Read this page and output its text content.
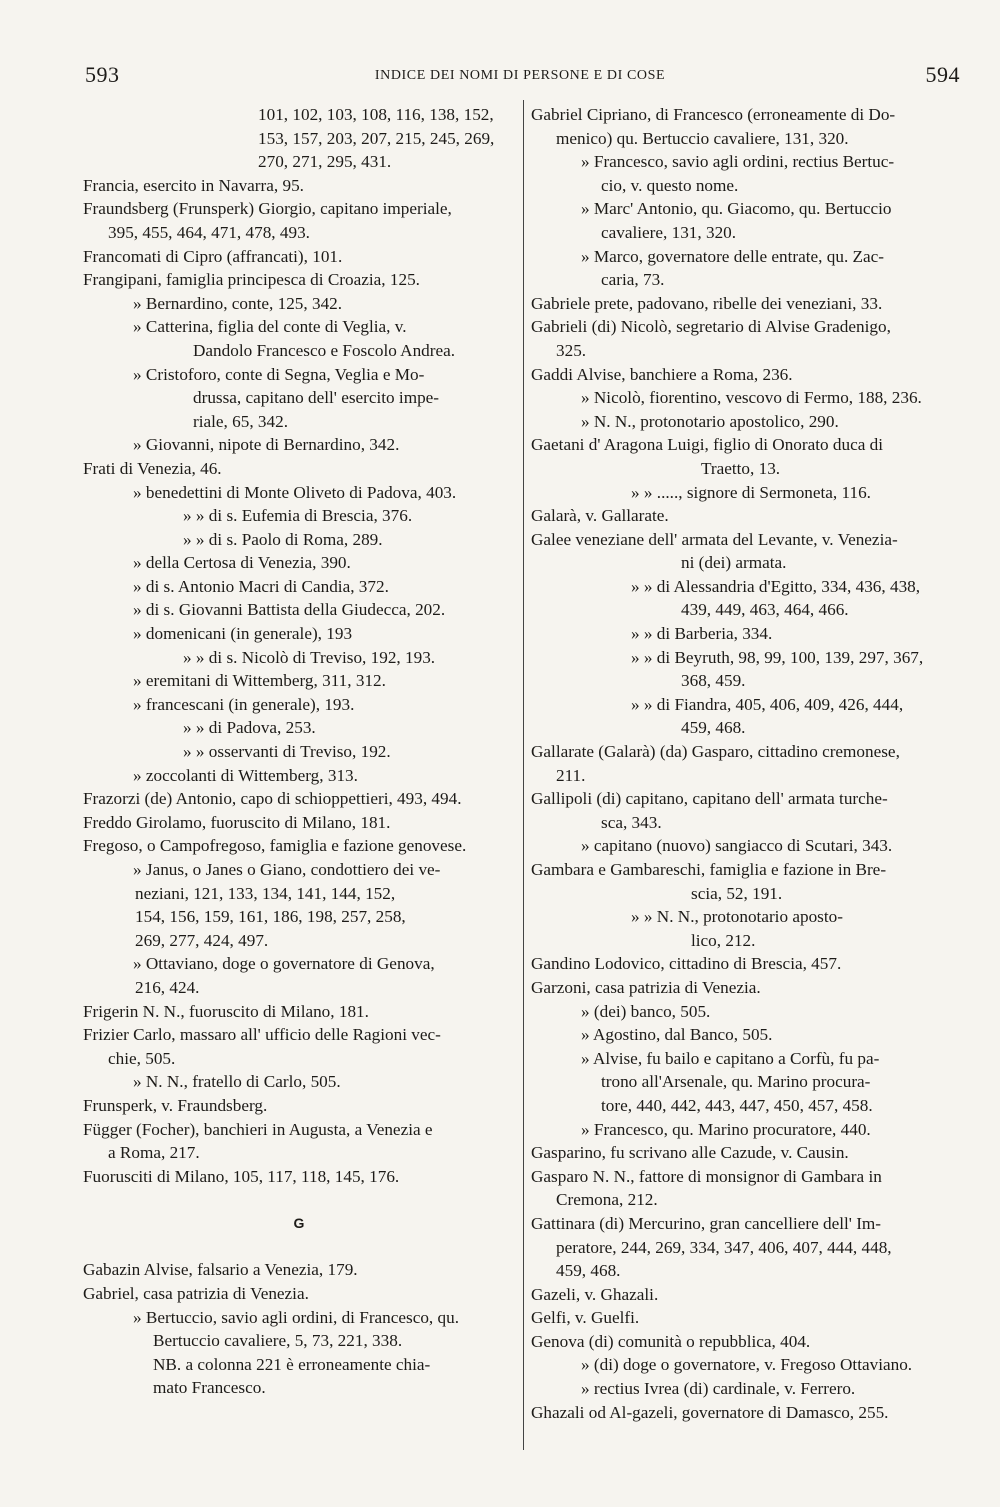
593	INDICE DEI NOMI DI PERSONE E DI COSE	594

101, 102, 103, 108, 116, 138, 152,

153, 157, 203, 207, 215, 245, 269,

270, 271, 295, 431.

Francia, esercito in Navarra, 95.

Fraundsberg (Frunsperk) Giorgio, capitano imperiale,

395, 455, 464, 471, 478, 493.

Francomati di Cipro (affrancati), 101.

Frangipani, famiglia principesca di Croazia, 125.

» Bernardino, conte, 125, 342.

» Catterina, figlia del conte di Veglia, v.

Dandolo Francesco e Foscolo Andrea.

» Cristoforo, conte di Segna, Veglia e Mo-

drussa, capitano dell' esercito impe-

riale, 65, 342.

» Giovanni, nipote di Bernardino, 342.

Frati di Venezia, 46.

» benedettini di Monte Oliveto di Padova, 403.

» » di s. Eufemia di Brescia, 376.

» » di s. Paolo di Roma, 289.

» della Certosa di Venezia, 390.

» di s. Antonio Macri di Candia, 372.

» di s. Giovanni Battista della Giudecca, 202.

» domenicani (in generale), 193

» » di s. Nicolò di Treviso, 192, 193.

» eremitani di Wittemberg, 311, 312.

» francescani (in generale), 193.

» » di Padova, 253.

» » osservanti di Treviso, 192.

» zoccolanti di Wittemberg, 313.

Frazorzi (de) Antonio, capo di schioppettieri, 493, 494.

Freddo Girolamo, fuoruscito di Milano, 181.

Fregoso, o Campofregoso, famiglia e fazione genovese.

» Janus, o Janes o Giano, condottiero dei ve-

neziani, 121, 133, 134, 141, 144, 152,

154, 156, 159, 161, 186, 198, 257, 258,

269, 277, 424, 497.

» Ottaviano, doge o governatore di Genova,

216, 424.

Frigerin N. N., fuoruscito di Milano, 181.

Frizier Carlo, massaro all' ufficio delle Ragioni vec-

chie, 505.

» N. N., fratello di Carlo, 505.

Frunsperk, v. Fraundsberg.

Függer (Focher), banchieri in Augusta, a Venezia e

a Roma, 217.

Fuorusciti di Milano, 105, 117, 118, 145, 176.

G

Gabazin Alvise, falsario a Venezia, 179.

Gabriel, casa patrizia di Venezia.

» Bertuccio, savio agli ordini, di Francesco, qu.

Bertuccio cavaliere, 5, 73, 221, 338.

NB. a colonna 221 è erroneamente chia-

mato Francesco.

Gabriel Cipriano, di Francesco (erroneamente di Do-

menico) qu. Bertuccio cavaliere, 131, 320.

» Francesco, savio agli ordini, rectius Bertuc-

cio, v. questo nome.

» Marc' Antonio, qu. Giacomo, qu. Bertuccio

cavaliere, 131, 320.

» Marco, governatore delle entrate, qu. Zac-

caria, 73.

Gabriele prete, padovano, ribelle dei veneziani, 33.

Gabrieli (di) Nicolò, segretario di Alvise Gradenigo,

325.

Gaddi Alvise, banchiere a Roma, 236.

» Nicolò, fiorentino, vescovo di Fermo, 188, 236.

» N. N., protonotario apostolico, 290.

Gaetani d' Aragona Luigi, figlio di Onorato duca di

Traetto, 13.

» » ....., signore di Sermoneta, 116.

Galarà, v. Gallarate.

Galee veneziane dell' armata del Levante, v. Venezia-

ni (dei) armata.

» » di Alessandria d'Egitto, 334, 436, 438,

439, 449, 463, 464, 466.

» » di Barberia, 334.

» » di Beyruth, 98, 99, 100, 139, 297, 367,

368, 459.

» » di Fiandra, 405, 406, 409, 426, 444,

459, 468.

Gallarate (Galarà) (da) Gasparo, cittadino cremonese,

211.

Gallipoli (di) capitano, capitano dell' armata turche-

sca, 343.

» capitano (nuovo) sangiacco di Scutari, 343.

Gambara e Gambareschi, famiglia e fazione in Bre-

scia, 52, 191.

» » N. N., protonotario aposto-

lico, 212.

Gandino Lodovico, cittadino di Brescia, 457.

Garzoni, casa patrizia di Venezia.

» (dei) banco, 505.

» Agostino, dal Banco, 505.

» Alvise, fu bailo e capitano a Corfù, fu pa-

trono all'Arsenale, qu. Marino procura-

tore, 440, 442, 443, 447, 450, 457, 458.

» Francesco, qu. Marino procuratore, 440.

Gasparino, fu scrivano alle Cazude, v. Causin.

Gasparo N. N., fattore di monsignor di Gambara in

Cremona, 212.

Gattinara (di) Mercurino, gran cancelliere dell' Im-

peratore, 244, 269, 334, 347, 406, 407, 444, 448,

459, 468.

Gazeli, v. Ghazali.

Gelfi, v. Guelfi.

Genova (di) comunità o repubblica, 404.

» (di) doge o governatore, v. Fregoso Ottaviano.

» rectius Ivrea (di) cardinale, v. Ferrero.

Ghazali od Al-gazeli, governatore di Damasco, 255.
